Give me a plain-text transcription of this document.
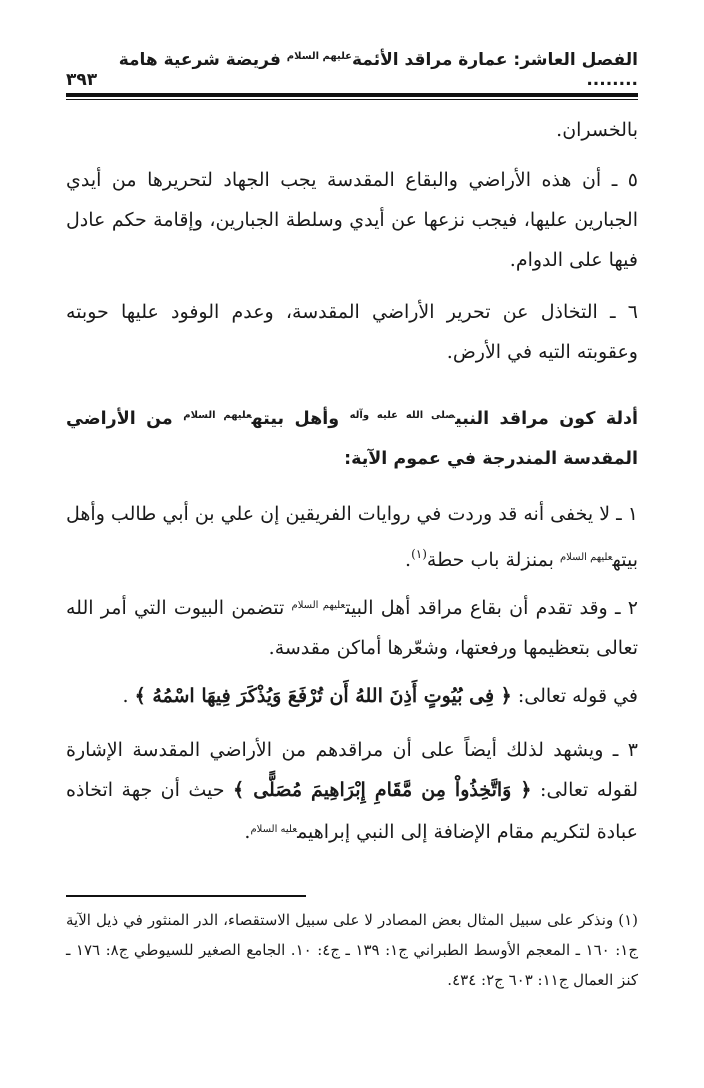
الفصل العاشر: عمارة مراقد الأئمة$^{عليهم السلام}$ فريضة شرعية هامة ........
٣٩٣

بالخسران.

٥ ـ أن هذه الأراضي والبقاع المقدسة يجب الجهاد لتحريرها من أيدي الجبارين عليها، فيجب نزعها عن أيدي وسلطة الجبارين، وإقامة حكم عادل فيها على الدوام.

٦ ـ التخاذل عن تحرير الأراضي المقدسة، وعدم الوفود عليها حوبته وعقوبته التيه في الأرض.

أدلة كون مراقد النبي$^{صلى الله عليه وآله}$ وأهل بيته$^{عليهم السلام}$ من الأراضي المقدسة المندرجة في عموم الآية:

١ ـ لا يخفى أنه قد وردت في روايات الفريقين إن علي بن أبي طالب وأهل بيته$^{عليهم السلام}$ بمنزلة باب حطة$^{(١)}$.

٢ ـ وقد تقدم أن بقاع مراقد أهل البيت$^{عليهم السلام}$ تتضمن البيوت التي أمر الله تعالى بتعظيمها ورفعتها، وشعّرها أماكن مقدسة.

في قوله تعالى: ﴿ فِى بُيُوتٍ أَذِنَ اللهُ أَن تُرْفَعَ وَيُذْكَرَ فِيهَا اسْمُهُ ﴾ .

٣ ـ ويشهد لذلك أيضاً على أن مراقدهم من الأراضي المقدسة الإشارة لقوله تعالى: ﴿ وَاتَّخِذُواْ مِن مَّقَامِ إِبْرَاهِيمَ مُصَلًّى ﴾ حيث أن جهة اتخاذه عبادة لتكريم مقام الإضافة إلى النبي إبراهيم$^{عليه السلام}$.

(١) ونذكر على سبيل المثال بعض المصادر لا على سبيل الاستقصاء، الدر المنثور في ذيل الآية ج١: ١٦٠ ـ المعجم الأوسط الطبراني ج١: ١٣٩ ـ ج٤: ١٠. الجامع الصغير للسيوطي ج٨: ١٧٦ ـ كنز العمال ج١١: ٦٠٣ ج٢: ٤٣٤.
